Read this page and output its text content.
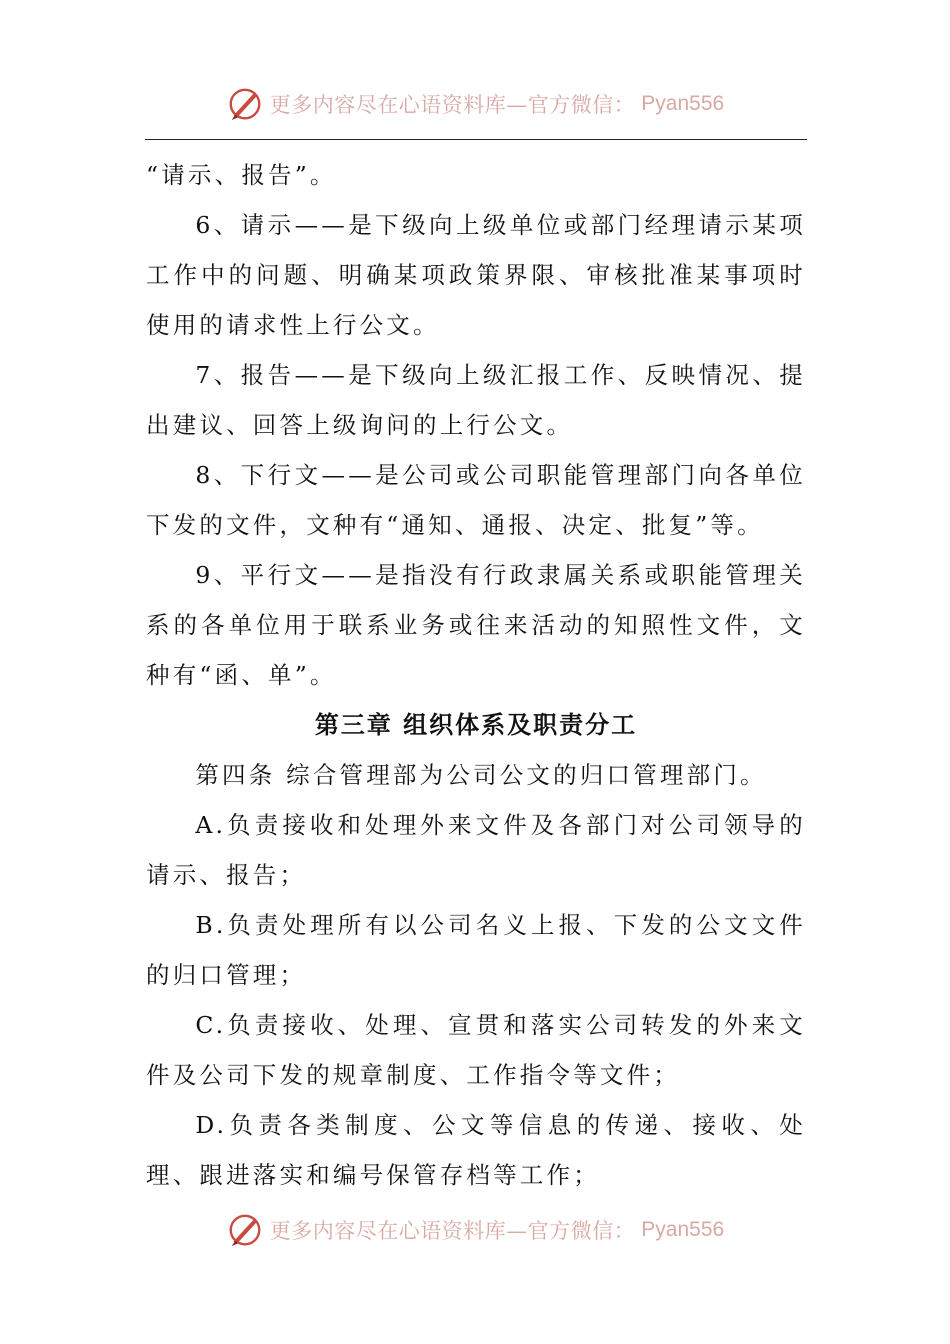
更多内容尽在心语资料库—官方微信： Pyan556

“请示、报告”。

6、请示——是下级向上级单位或部门经理请示某项工作中的问题、明确某项政策界限、审核批准某事项时使用的请求性上行公文。

7、报告——是下级向上级汇报工作、反映情况、提出建议、回答上级询问的上行公文。

8、下行文——是公司或公司职能管理部门向各单位下发的文件，文种有“通知、通报、决定、批复”等。

9、平行文——是指没有行政隶属关系或职能管理关系的各单位用于联系业务或往来活动的知照性文件，文种有“函、单”。

第三章 组织体系及职责分工

第四条 综合管理部为公司公文的归口管理部门。

A.负责接收和处理外来文件及各部门对公司领导的请示、报告；

B.负责处理所有以公司名义上报、下发的公文文件的归口管理；

C.负责接收、处理、宣贯和落实公司转发的外来文件及公司下发的规章制度、工作指令等文件；

D.负责各类制度、公文等信息的传递、接收、处理、跟进落实和编号保管存档等工作；

更多内容尽在心语资料库—官方微信： Pyan556
